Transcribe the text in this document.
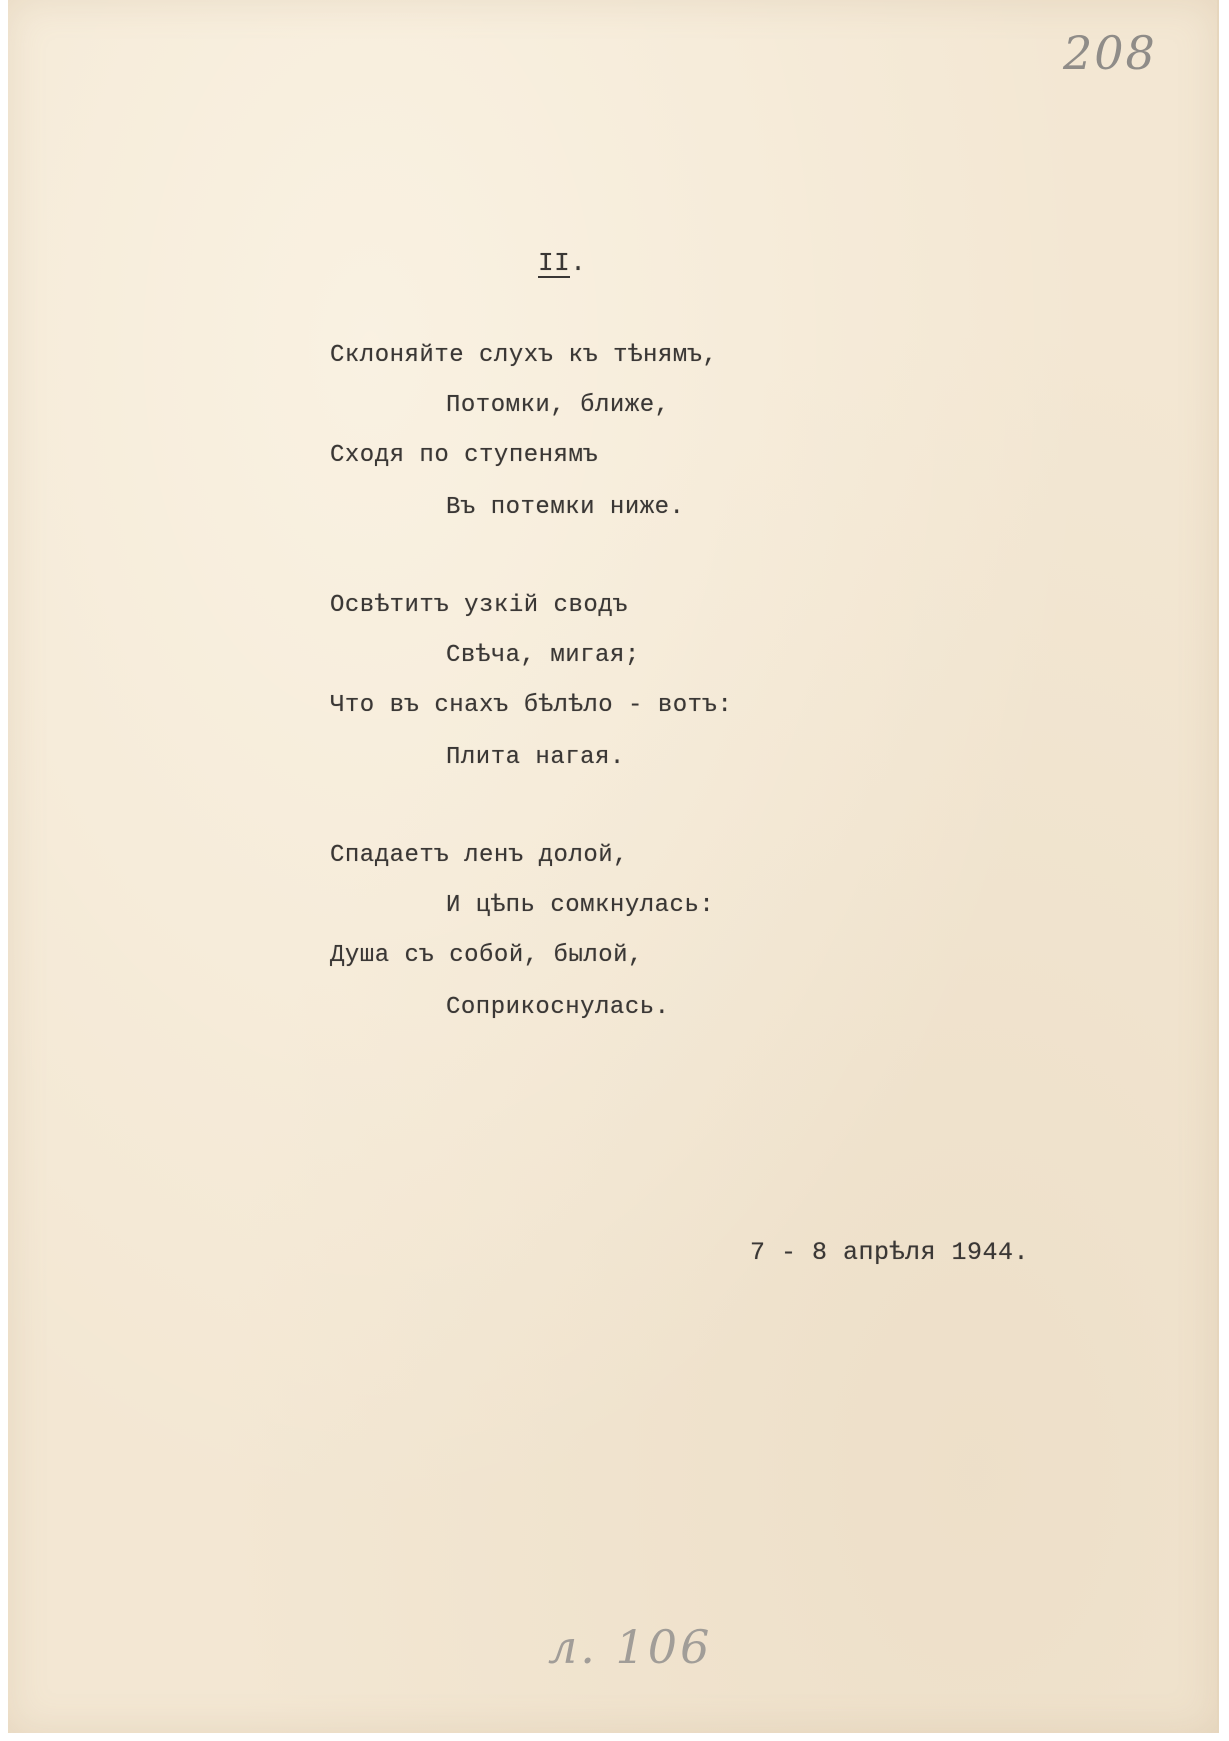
208
II.
Склоняйте слухъ къ тѣнямъ,
Потомки, ближе,
Сходя по ступенямъ
Въ потемки ниже.
Освѣтитъ узкій сводъ
Свѣча, мигая;
Что въ снахъ бѣлѣло - вотъ:
Плита нагая.
Спадаетъ ленъ долой,
И цѣпь сомкнулась:
Душа съ собой, былой,
Соприкоснулась.
7 - 8 апрѣля 1944.
л. 106
